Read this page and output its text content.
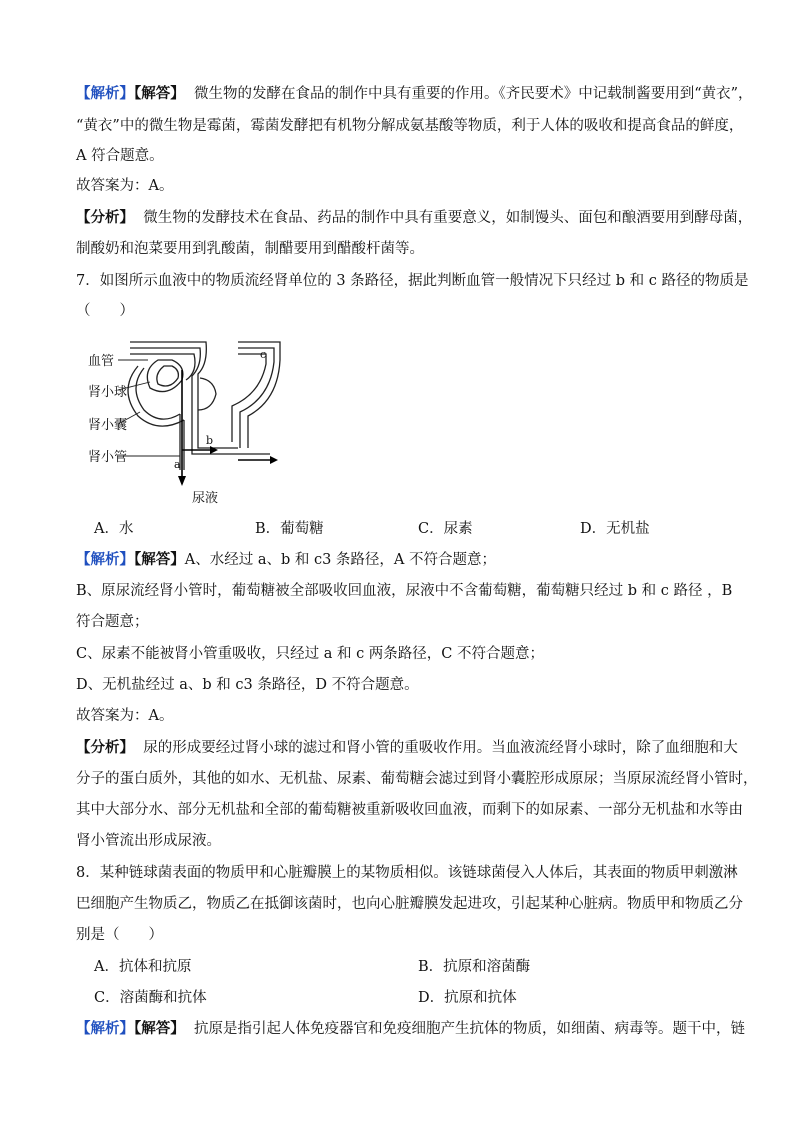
【解析】【解答】 微生物的发酵在食品的制作中具有重要的作用。《齐民要术》中记载制酱要用到“黄衣”，
“黄衣”中的微生物是霉菌，霉菌发酵把有机物分解成氨基酸等物质，利于人体的吸收和提高食品的鲜度，
A 符合题意。
故答案为：A。
【分析】 微生物的发酵技术在食品、药品的制作中具有重要意义，如制馒头、面包和酿酒要用到酵母菌，
制酸奶和泡菜要用到乳酸菌，制醋要用到醋酸杆菌等。
7．如图所示血液中的物质流经肾单位的 3 条路径，据此判断血管一般情况下只经过 b 和 c 路径的物质是
（　　）
血管
肾小球
肾小囊
肾小管
尿液
a
b
c
A．水	B．葡萄糖	C．尿素	D．无机盐
【解析】【解答】A、水经过 a、b 和 c3 条路径，A 不符合题意；
B、原尿流经肾小管时，葡萄糖被全部吸收回血液，尿液中不含葡萄糖，葡萄糖只经过 b 和 c 路径 ，B
符合题意；
C、尿素不能被肾小管重吸收，只经过 a 和 c 两条路径，C 不符合题意；
D、无机盐经过 a、b 和 c3 条路径，D 不符合题意。
故答案为：A。
【分析】 尿的形成要经过肾小球的滤过和肾小管的重吸收作用。当血液流经肾小球时，除了血细胞和大
分子的蛋白质外，其他的如水、无机盐、尿素、葡萄糖会滤过到肾小囊腔形成原尿；当原尿流经肾小管时，
其中大部分水、部分无机盐和全部的葡萄糖被重新吸收回血液，而剩下的如尿素、一部分无机盐和水等由
肾小管流出形成尿液。
8．某种链球菌表面的物质甲和心脏瓣膜上的某物质相似。该链球菌侵入人体后，其表面的物质甲刺激淋
巴细胞产生物质乙，物质乙在抵御该菌时，也向心脏瓣膜发起进攻，引起某种心脏病。物质甲和物质乙分
别是（　　）
A．抗体和抗原	B．抗原和溶菌酶
C．溶菌酶和抗体	D．抗原和抗体
【解析】【解答】 抗原是指引起人体免疫器官和免疫细胞产生抗体的物质，如细菌、病毒等。题干中，链
